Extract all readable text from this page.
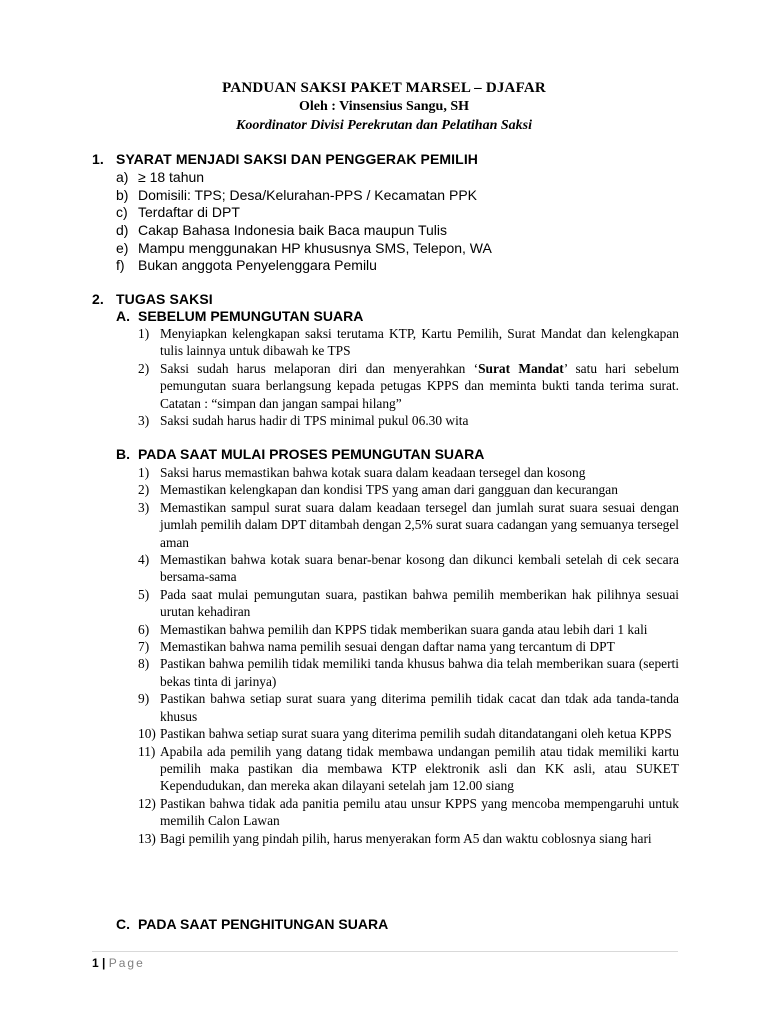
PANDUAN SAKSI PAKET MARSEL – DJAFAR
Oleh : Vinsensius Sangu, SH
Koordinator Divisi Perekrutan dan Pelatihan Saksi
1. SYARAT MENJADI SAKSI DAN PENGGERAK PEMILIH
a) ≥ 18 tahun
b) Domisili: TPS; Desa/Kelurahan-PPS / Kecamatan PPK
c) Terdaftar di DPT
d) Cakap Bahasa Indonesia baik Baca maupun Tulis
e) Mampu menggunakan HP khususnya SMS, Telepon, WA
f) Bukan anggota Penyelenggara Pemilu
2. TUGAS SAKSI
A. SEBELUM PEMUNGUTAN SUARA
1) Menyiapkan kelengkapan saksi terutama KTP, Kartu Pemilih, Surat Mandat dan kelengkapan tulis lainnya untuk dibawah ke TPS
2) Saksi sudah harus melaporan diri dan menyerahkan ‘Surat Mandat’ satu hari sebelum pemungutan suara berlangsung kepada petugas KPPS dan meminta bukti tanda terima surat. Catatan : “simpan dan jangan sampai hilang”
3) Saksi sudah harus hadir di TPS minimal pukul 06.30 wita
B. PADA SAAT MULAI PROSES PEMUNGUTAN SUARA
1) Saksi harus memastikan bahwa kotak suara dalam keadaan tersegel dan kosong
2) Memastikan kelengkapan dan kondisi TPS yang aman dari gangguan dan kecurangan
3) Memastikan sampul surat suara dalam keadaan tersegel dan jumlah surat suara sesuai dengan jumlah pemilih dalam DPT ditambah dengan 2,5% surat suara cadangan yang semuanya tersegel aman
4) Memastikan bahwa kotak suara benar-benar kosong dan dikunci kembali setelah di cek secara bersama-sama
5) Pada saat mulai pemungutan suara, pastikan bahwa pemilih memberikan hak pilihnya sesuai urutan kehadiran
6) Memastikan bahwa pemilih dan KPPS tidak memberikan suara ganda atau lebih dari 1 kali
7) Memastikan bahwa nama pemilih sesuai dengan daftar nama yang tercantum di DPT
8) Pastikan bahwa pemilih tidak memiliki tanda khusus bahwa dia telah memberikan suara (seperti bekas tinta di jarinya)
9) Pastikan bahwa setiap surat suara yang diterima pemilih tidak cacat dan tdak ada tanda-tanda khusus
10) Pastikan bahwa setiap surat suara yang diterima pemilih sudah ditandatangani oleh ketua KPPS
11) Apabila ada pemilih yang datang tidak membawa undangan pemilih atau tidak memiliki kartu pemilih maka pastikan dia membawa KTP elektronik asli dan KK asli, atau SUKET Kependudukan, dan mereka akan dilayani setelah jam 12.00 siang
12) Pastikan bahwa tidak ada panitia pemilu atau unsur KPPS yang mencoba mempengaruhi untuk memilih Calon Lawan
13) Bagi pemilih yang pindah pilih, harus menyerakan form A5 dan waktu coblosnya siang hari
C. PADA SAAT PENGHITUNGAN SUARA
1 | Page
